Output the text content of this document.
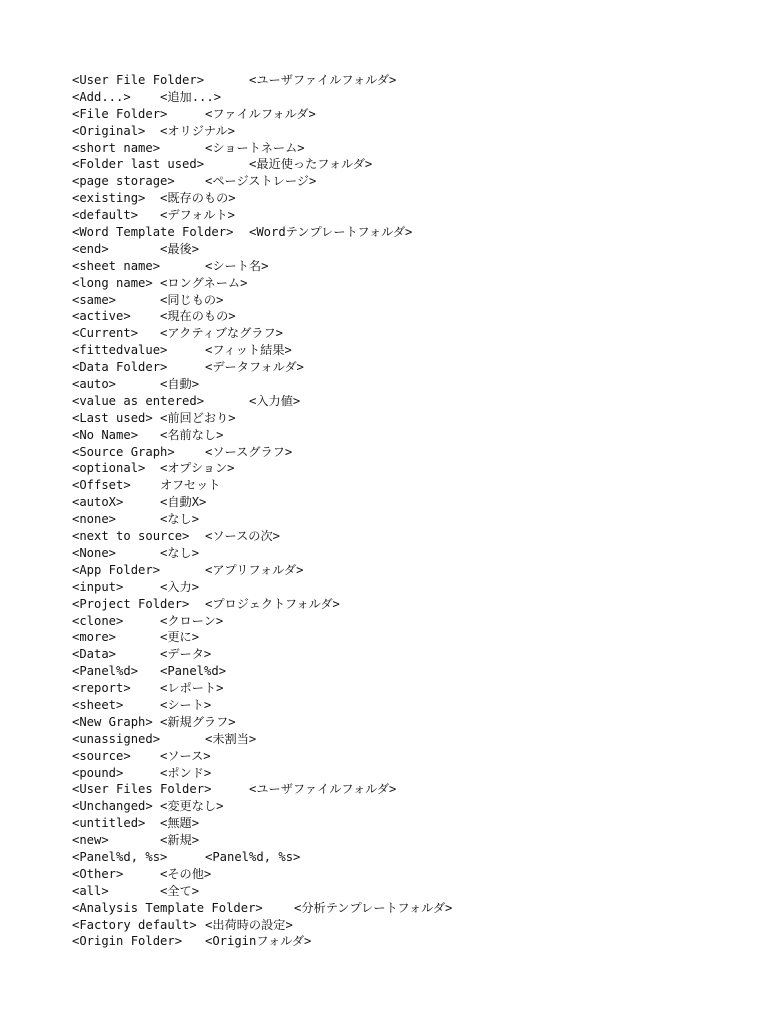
<User File Folder>	<ユーザファイルフォルダ>
<Add...> <追加...>
<File Folder>	<ファイルフォルダ>
<Original> <オリジナル>
<short name>	<ショートネーム>
<Folder last used>	<最近使ったフォルダ>
<page storage> <ページストレージ>
<existing> <既存のもの>
<default> <デフォルト>
<Word Template Folder> <Wordテンプレートフォルダ>
<end>	<最後>
<sheet name>	<シート名>
<long name> <ロングネーム>
<same>	<同じもの>
<active> <現在のもの>
<Current> <アクティブなグラフ>
<fittedvalue>	<フィット結果>
<Data Folder>	<データフォルダ>
<auto>	<自動>
<value as entered>	<入力値>
<Last used> <前回どおり>
<No Name> <名前なし>
<Source Graph> <ソースグラフ>
<optional> <オプション>
<Offset> オフセット
<autoX>	<自動X>
<none>	<なし>
<next to source> <ソースの次>
<None>	<なし>
<App Folder>	<アプリフォルダ>
<input>	<入力>
<Project Folder> <プロジェクトフォルダ>
<clone>	<クローン>
<more>	<更に>
<Data>	<データ>
<Panel%d> <Panel%d>
<report> <レポート>
<sheet>	<シート>
<New Graph> <新規グラフ>
<unassigned>	<未割当>
<source> <ソース>
<pound>	<ポンド>
<User Files Folder>	<ユーザファイルフォルダ>
<Unchanged> <変更なし>
<untitled> <無題>
<new>	<新規>
<Panel%d, %s>	<Panel%d, %s>
<Other>	<その他>
<all>	<全て>
<Analysis Template Folder>	<分析テンプレートフォルダ>
<Factory default> <出荷時の設定>
<Origin Folder> <Originフォルダ>
